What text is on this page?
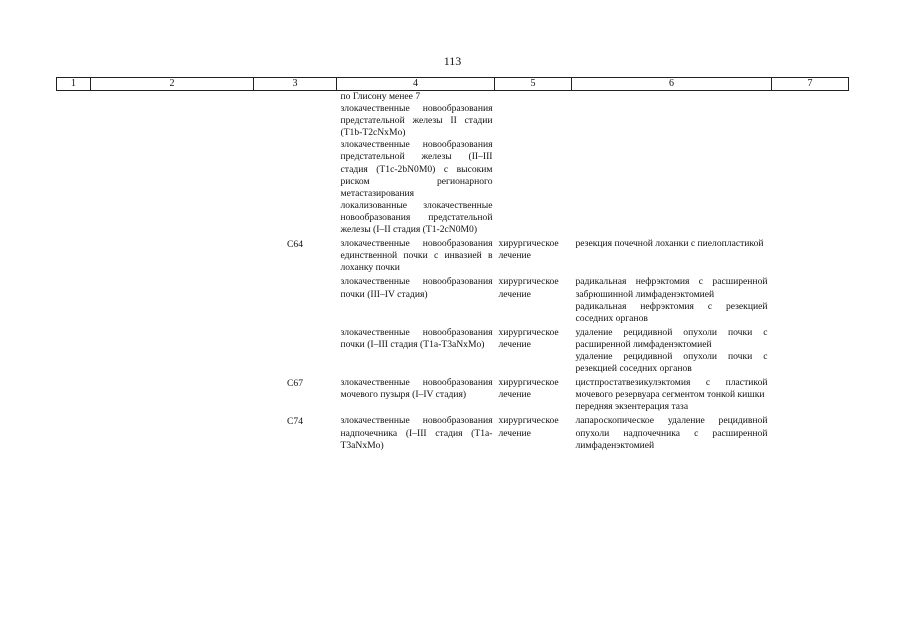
113
1	2	3	4	5	6	7

			по Глисону менее 7
злокачественные новообразования предстательной железы II стадии (T1b-T2cNxMo)
злокачественные новообразования предстательной железы (II–III стадия (T1c-2bN0M0) с высоким риском регионарного метастазирования
локализованные злокачественные новообразования предстательной железы (I–II стадия (T1-2cN0M0)			

		C64	злокачественные новообразования единственной почки с инвазией в лоханку почки	хирургическое лечение	резекция почечной лоханки с пиелопластикой	

			злокачественные новообразования почки (III–IV стадия)	хирургическое лечение	радикальная нефрэктомия с расширенной забрюшинной лимфаденэктомией
радикальная нефрэктомия с резекцией соседних органов	

			злокачественные новообразования почки (I–III стадия (T1a-T3aNxMo)	хирургическое лечение	удаление рецидивной опухоли почки с расширенной лимфаденэктомией
удаление рецидивной опухоли почки с резекцией соседних органов	

		C67	злокачественные новообразования мочевого пузыря (I–IV стадия)	хирургическое лечение	цистпростатвезикулэктомия с пластикой мочевого резервуара сегментом тонкой кишки
передняя экзентерация таза	

		C74	злокачественные новообразования надпочечника (I–III стадия (T1a-T3aNxMo)	хирургическое лечение	лапароскопическое удаление рецидивной опухоли надпочечника с расширенной лимфаденэктомией	
